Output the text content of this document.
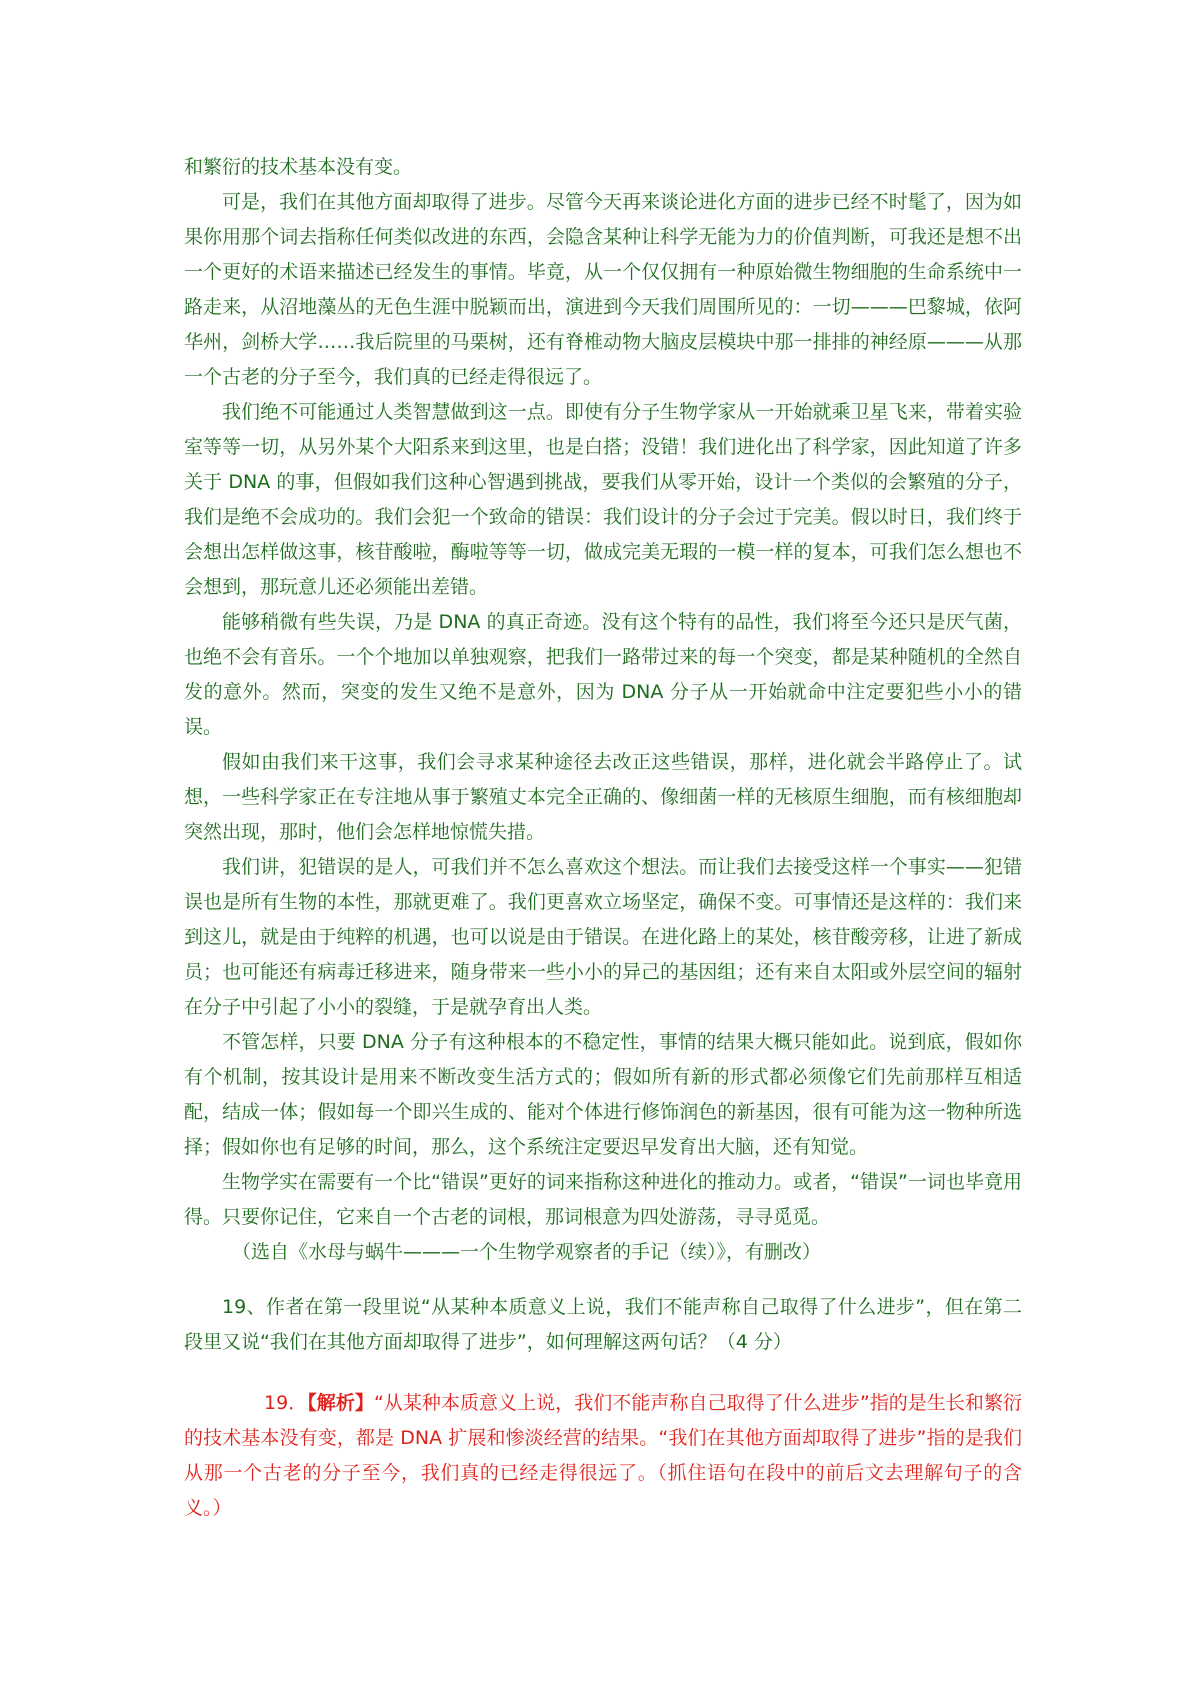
和繁衍的技术基本没有变。

可是，我们在其他方面却取得了进步。尽管今天再来谈论进化方面的进步已经不时髦了，因为如果你用那个词去指称任何类似改进的东西，会隐含某种让科学无能为力的价值判断，可我还是想不出一个更好的术语来描述已经发生的事情。毕竟，从一个仅仅拥有一种原始微生物细胞的生命系统中一路走来，从沼地藻丛的无色生涯中脱颖而出，演进到今天我们周围所见的：一切———巴黎城，依阿华州，剑桥大学……我后院里的马栗树，还有脊椎动物大脑皮层模块中那一排排的神经原———从那一个古老的分子至今，我们真的已经走得很远了。

我们绝不可能通过人类智慧做到这一点。即使有分子生物学家从一开始就乘卫星飞来，带着实验室等等一切，从另外某个大阳系来到这里，也是白搭；没错！我们进化出了科学家，因此知道了许多关于 DNA 的事，但假如我们这种心智遇到挑战，要我们从零开始，设计一个类似的会繁殖的分子，我们是绝不会成功的。我们会犯一个致命的错误：我们设计的分子会过于完美。假以时日，我们终于会想出怎样做这事，核苷酸啦，酶啦等等一切，做成完美无瑕的一模一样的复本，可我们怎么想也不会想到，那玩意儿还必须能出差错。

能够稍微有些失误，乃是 DNA 的真正奇迹。没有这个特有的品性，我们将至今还只是厌气菌，也绝不会有音乐。一个个地加以单独观察，把我们一路带过来的每一个突变，都是某种随机的全然自发的意外。然而，突变的发生又绝不是意外，因为 DNA 分子从一开始就命中注定要犯些小小的错误。

假如由我们来干这事，我们会寻求某种途径去改正这些错误，那样，进化就会半路停止了。试想，一些科学家正在专注地从事于繁殖丈本完全正确的、像细菌一样的无核原生细胞，而有核细胞却突然出现，那时，他们会怎样地惊慌失措。

我们讲，犯错误的是人，可我们并不怎么喜欢这个想法。而让我们去接受这样一个事实——犯错误也是所有生物的本性，那就更难了。我们更喜欢立场坚定，确保不变。可事情还是这样的：我们来到这儿，就是由于纯粹的机遇，也可以说是由于错误。在进化路上的某处，核苷酸旁移，让进了新成员；也可能还有病毒迁移进来，随身带来一些小小的异己的基因组；还有来自太阳或外层空间的辐射在分子中引起了小小的裂缝，于是就孕育出人类。

不管怎样，只要 DNA 分子有这种根本的不稳定性，事情的结果大概只能如此。说到底，假如你有个机制，按其设计是用来不断改变生活方式的；假如所有新的形式都必须像它们先前那样互相适配，结成一体；假如每一个即兴生成的、能对个体进行修饰润色的新基因，很有可能为这一物种所选择；假如你也有足够的时间，那么，这个系统注定要迟早发育出大脑，还有知觉。

生物学实在需要有一个比“错误”更好的词来指称这种进化的推动力。或者，“错误”一词也毕竟用得。只要你记住，它来自一个古老的词根，那词根意为四处游荡，寻寻觅觅。

（选自《水母与蜗牛———一个生物学观察者的手记（续）》，有删改）

19、作者在第一段里说“从某种本质意义上说，我们不能声称自己取得了什么进步”，但在第二段里又说“我们在其他方面却取得了进步”，如何理解这两句话？（4 分）

19．【解析】“从某种本质意义上说，我们不能声称自己取得了什么进步”指的是生长和繁衍的技术基本没有变，都是 DNA 扩展和惨淡经营的结果。“我们在其他方面却取得了进步”指的是我们从那一个古老的分子至今，我们真的已经走得很远了。（抓住语句在段中的前后文去理解句子的含义。）
